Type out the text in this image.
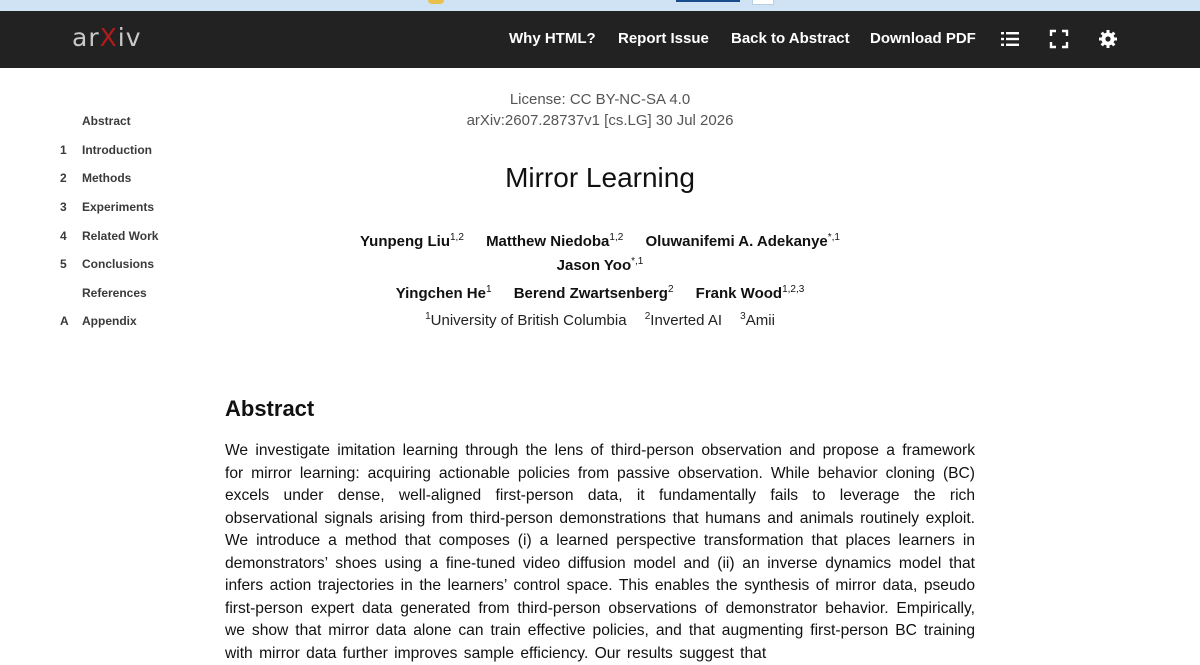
arXiv	Why HTML? Report Issue Back to Abstract Download PDF
Abstract
1	Introduction
2	Methods
3	Experiments
4	Related Work
5	Conclusions
References
A	Appendix
License: CC BY-NC-SA 4.0
arXiv:2607.28737v1 [cs.LG] 30 Jul 2026
Mirror Learning
Yunpeng Liu$^{1,2}$ Matthew Niedoba$^{1,2}$ Oluwanifemi A. Adekanye$^{*,1}$
Jason Yoo$^{*,1}$
Yingchen He$^1$ Berend Zwartsenberg$^2$ Frank Wood$^{1,2,3}$
$^1$University of British Columbia $^2$Inverted AI $^3$Amii
Abstract
We investigate imitation learning through the lens of third-person observation and propose a framework for mirror learning: acquiring actionable policies from passive observation. While behavior cloning (BC) excels under dense, well-aligned first-person data, it fundamentally fails to leverage the rich observational signals arising from third-person demonstrations that humans and animals routinely exploit. We introduce a method that composes (i) a learned perspective transformation that places learners in demonstrators’ shoes using a fine-tuned video diffusion model and (ii) an inverse dynamics model that infers action trajectories in the learners’ control space. This enables the synthesis of mirror data, pseudo first-person expert data generated from third-person observations of demonstrator behavior. Empirically, we show that mirror data alone can train effective policies, and that augmenting first-person BC training with mirror data further improves sample efficiency. Our results suggest that
